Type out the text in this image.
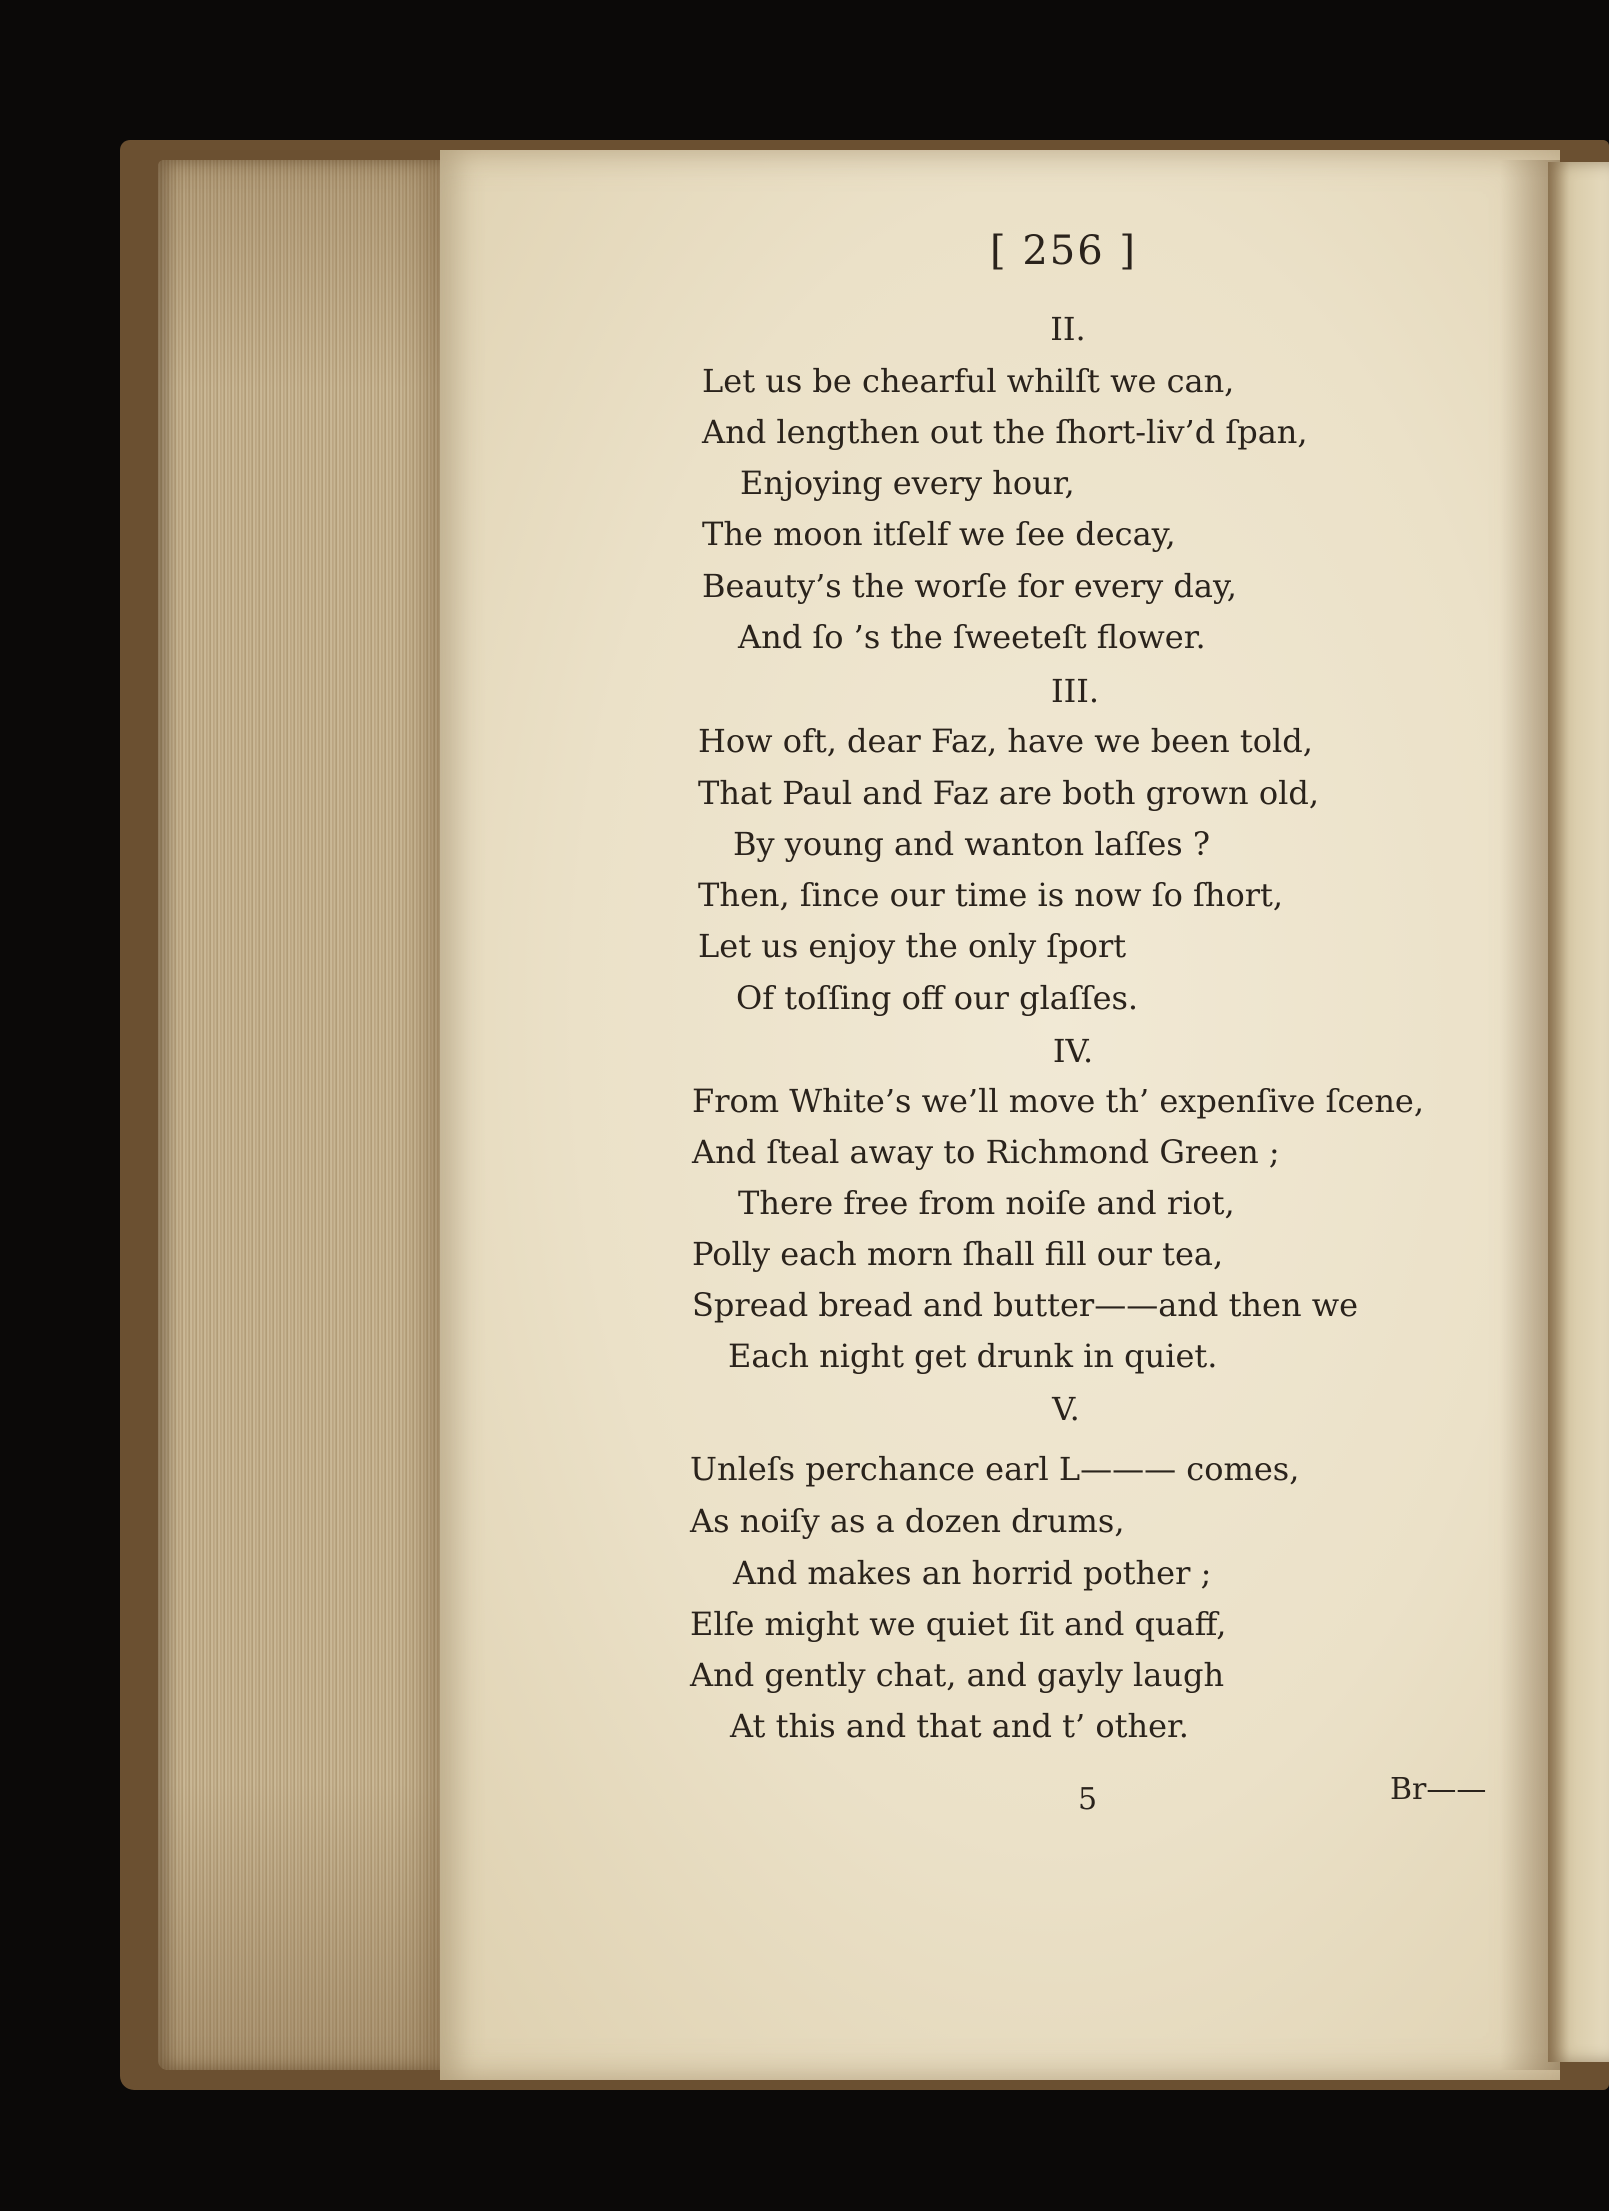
[ 256 ]
II.
Let us be chearful whilſt we can,
And lengthen out the ſhort-liv’d ſpan,
Enjoying every hour,
The moon itſelf we ſee decay,
Beauty’s the worſe for every day,
And ſo ’s the ſweeteſt flower.
III.
How oft, dear Faz, have we been told,
That Paul and Faz are both grown old,
By young and wanton laſſes ?
Then, ſince our time is now ſo ſhort,
Let us enjoy the only ſport
Of toſſing off our glaſſes.
IV.
From White’s we’ll move th’ expenſive ſcene,
And ſteal away to Richmond Green ;
There free from noiſe and riot,
Polly each morn ſhall fill our tea,
Spread bread and butter——and then we
Each night get drunk in quiet.
V.
Unleſs perchance earl L——— comes,
As noiſy as a dozen drums,
And makes an horrid pother ;
Elſe might we quiet ſit and quaff,
And gently chat, and gayly laugh
At this and that and t’ other.
5	Br——
